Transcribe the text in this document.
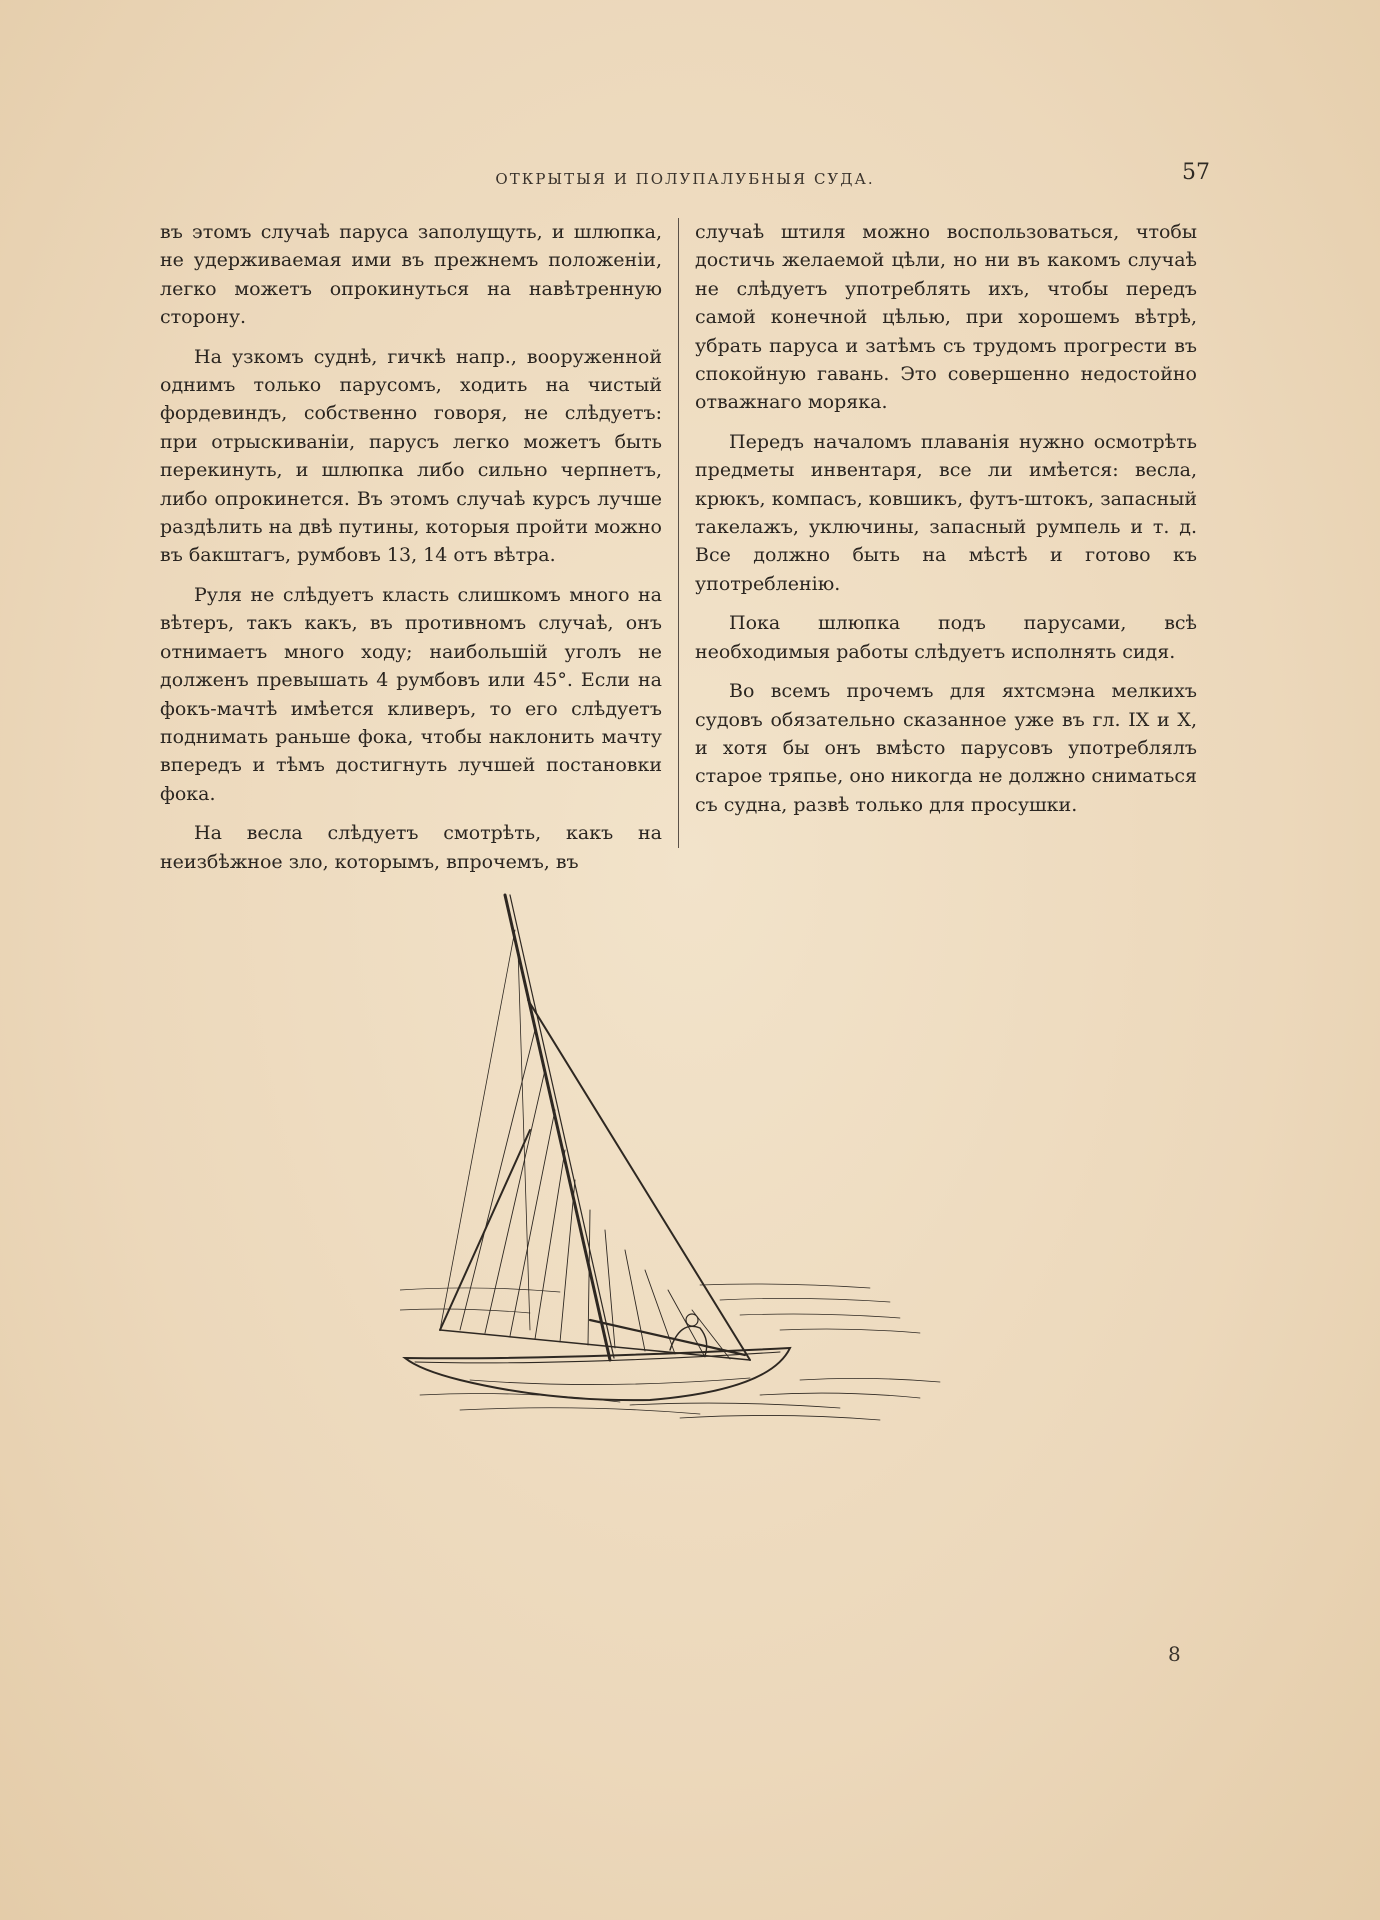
ОТКРЫТЫЯ И ПОЛУПАЛУБНЫЯ СУДА.	57

въ этомъ случаѣ паруса заполущуть, и шлюпка, не удерживаемая ими въ прежнемъ положеніи, легко можетъ опрокинуться на навѣтренную сторону.

На узкомъ суднѣ, гичкѣ напр., вооруженной однимъ только парусомъ, ходить на чистый фордевиндъ, собственно говоря, не слѣдуетъ: при отрыскиваніи, парусъ легко можетъ быть перекинуть, и шлюпка либо сильно черпнетъ, либо опрокинется. Въ этомъ случаѣ курсъ лучше раздѣлить на двѣ путины, которыя пройти можно въ бакштагъ, румбовъ 13, 14 отъ вѣтра.

Руля не слѣдуетъ класть слишкомъ много на вѣтеръ, такъ какъ, въ противномъ случаѣ, онъ отнимаетъ много ходу; наибольшій уголъ не долженъ превышать 4 румбовъ или 45°. Если на фокъ-мачтѣ имѣется кливеръ, то его слѣдуетъ поднимать раньше фока, чтобы наклонить мачту впередъ и тѣмъ достигнуть лучшей постановки фока.

На весла слѣдуетъ смотрѣть, какъ на неизбѣжное зло, которымъ, впрочемъ, въ

случаѣ штиля можно воспользоваться, чтобы достичь желаемой цѣли, но ни въ какомъ случаѣ не слѣдуетъ употреблять ихъ, чтобы передъ самой конечной цѣлью, при хорошемъ вѣтрѣ, убрать паруса и затѣмъ съ трудомъ прогрести въ спокойную гавань. Это совершенно недостойно отважнаго моряка.

Передъ началомъ плаванія нужно осмотрѣть предметы инвентаря, все ли имѣется: весла, крюкъ, компасъ, ковшикъ, футъ-штокъ, запасный такелажъ, уключины, запасный румпель и т. д. Все должно быть на мѣстѣ и готово къ употребленію.

Пока шлюпка подъ парусами, всѣ необходимыя работы слѣдуетъ исполнять сидя.

Во всемъ прочемъ для яхтсмэна мелкихъ судовъ обязательно сказанное уже въ гл. IX и X, и хотя бы онъ вмѣсто парусовъ употреблялъ старое тряпье, оно никогда не должно сниматься съ судна, развѣ только для просушки.

8
